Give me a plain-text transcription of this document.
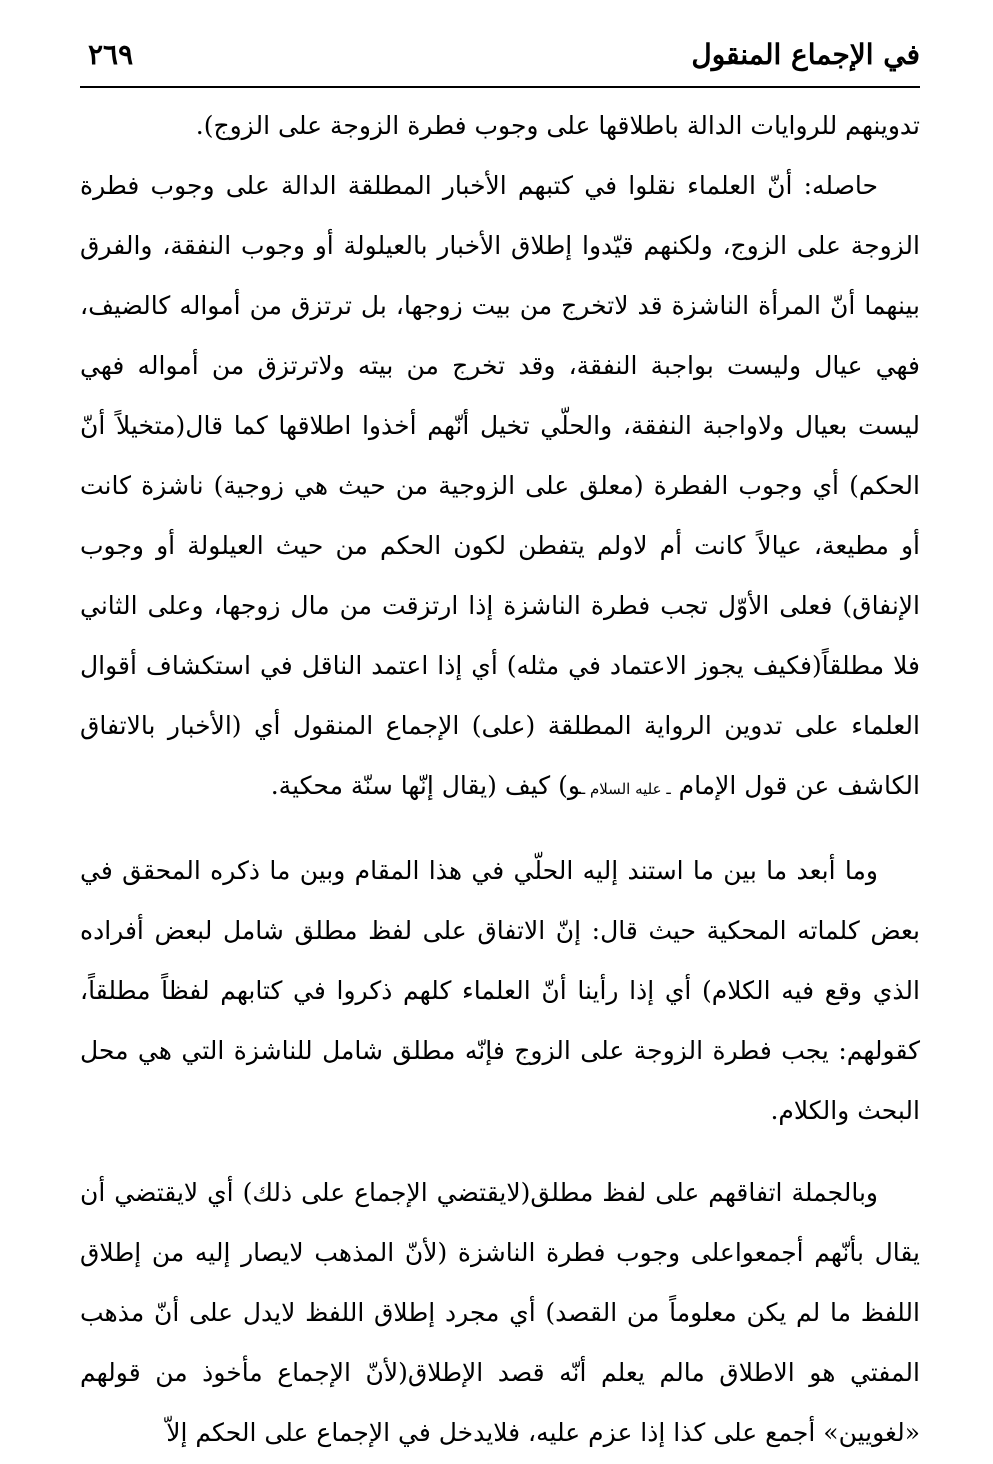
في الإجماع المنقول
٢٦٩

تدوينهم للروايات الدالة باطلاقها على وجوب فطرة الزوجة على الزوج).

حاصله: أنّ العلماء نقلوا في كتبهم الأخبار المطلقة الدالة على وجوب فطرة الزوجة على الزوج، ولكنهم قيّدوا إطلاق الأخبار بالعيلولة أو وجوب النفقة، والفرق بينهما أنّ المرأة الناشزة قد لاتخرج من بيت زوجها، بل ترتزق من أمواله كالضيف، فهي عيال وليست بواجبة النفقة، وقد تخرج من بيته ولاترتزق من أمواله فهي ليست بعيال ولاواجبة النفقة، والحلّي تخيل أنّهم أخذوا اطلاقها كما قال(متخيلاً أنّ الحكم) أي وجوب الفطرة (معلق على الزوجية من حيث هي زوجية) ناشزة كانت أو مطيعة، عيالاً كانت أم لاولم يتفطن لكون الحكم من حيث العيلولة أو وجوب الإنفاق) فعلى الأوّل تجب فطرة الناشزة إذا ارتزقت من مال زوجها، وعلى الثاني فلا مطلقاً(فكيف يجوز الاعتماد في مثله) أي إذا اعتمد الناقل في استكشاف أقوال العلماء على تدوين الرواية المطلقة (على) الإجماع المنقول أي (الأخبار بالاتفاق الكاشف عن قول الإمام ـ عليه السلام ـو) كيف (يقال إنّها سنّة محكية.

وما أبعد ما بين ما استند إليه الحلّي في هذا المقام وبين ما ذكره المحقق في بعض كلماته المحكية حيث قال: إنّ الاتفاق على لفظ مطلق شامل لبعض أفراده الذي وقع فيه الكلام) أي إذا رأينا أنّ العلماء كلهم ذكروا في كتابهم لفظاً مطلقاً، كقولهم: يجب فطرة الزوجة على الزوج فإنّه مطلق شامل للناشزة التي هي محل البحث والكلام.

وبالجملة اتفاقهم على لفظ مطلق(لايقتضي الإجماع على ذلك) أي لايقتضي أن يقال بأنّهم أجمعواعلى وجوب فطرة الناشزة (لأنّ المذهب لايصار إليه من إطلاق اللفظ ما لم يكن معلوماً من القصد) أي مجرد إطلاق اللفظ لايدل على أنّ مذهب المفتي هو الاطلاق مالم يعلم أنّه قصد الإطلاق(لأنّ الإجماع مأخوذ من قولهم «لغويين» أجمع على كذا إذا عزم عليه، فلايدخل في الإجماع على الحكم إلاّ
